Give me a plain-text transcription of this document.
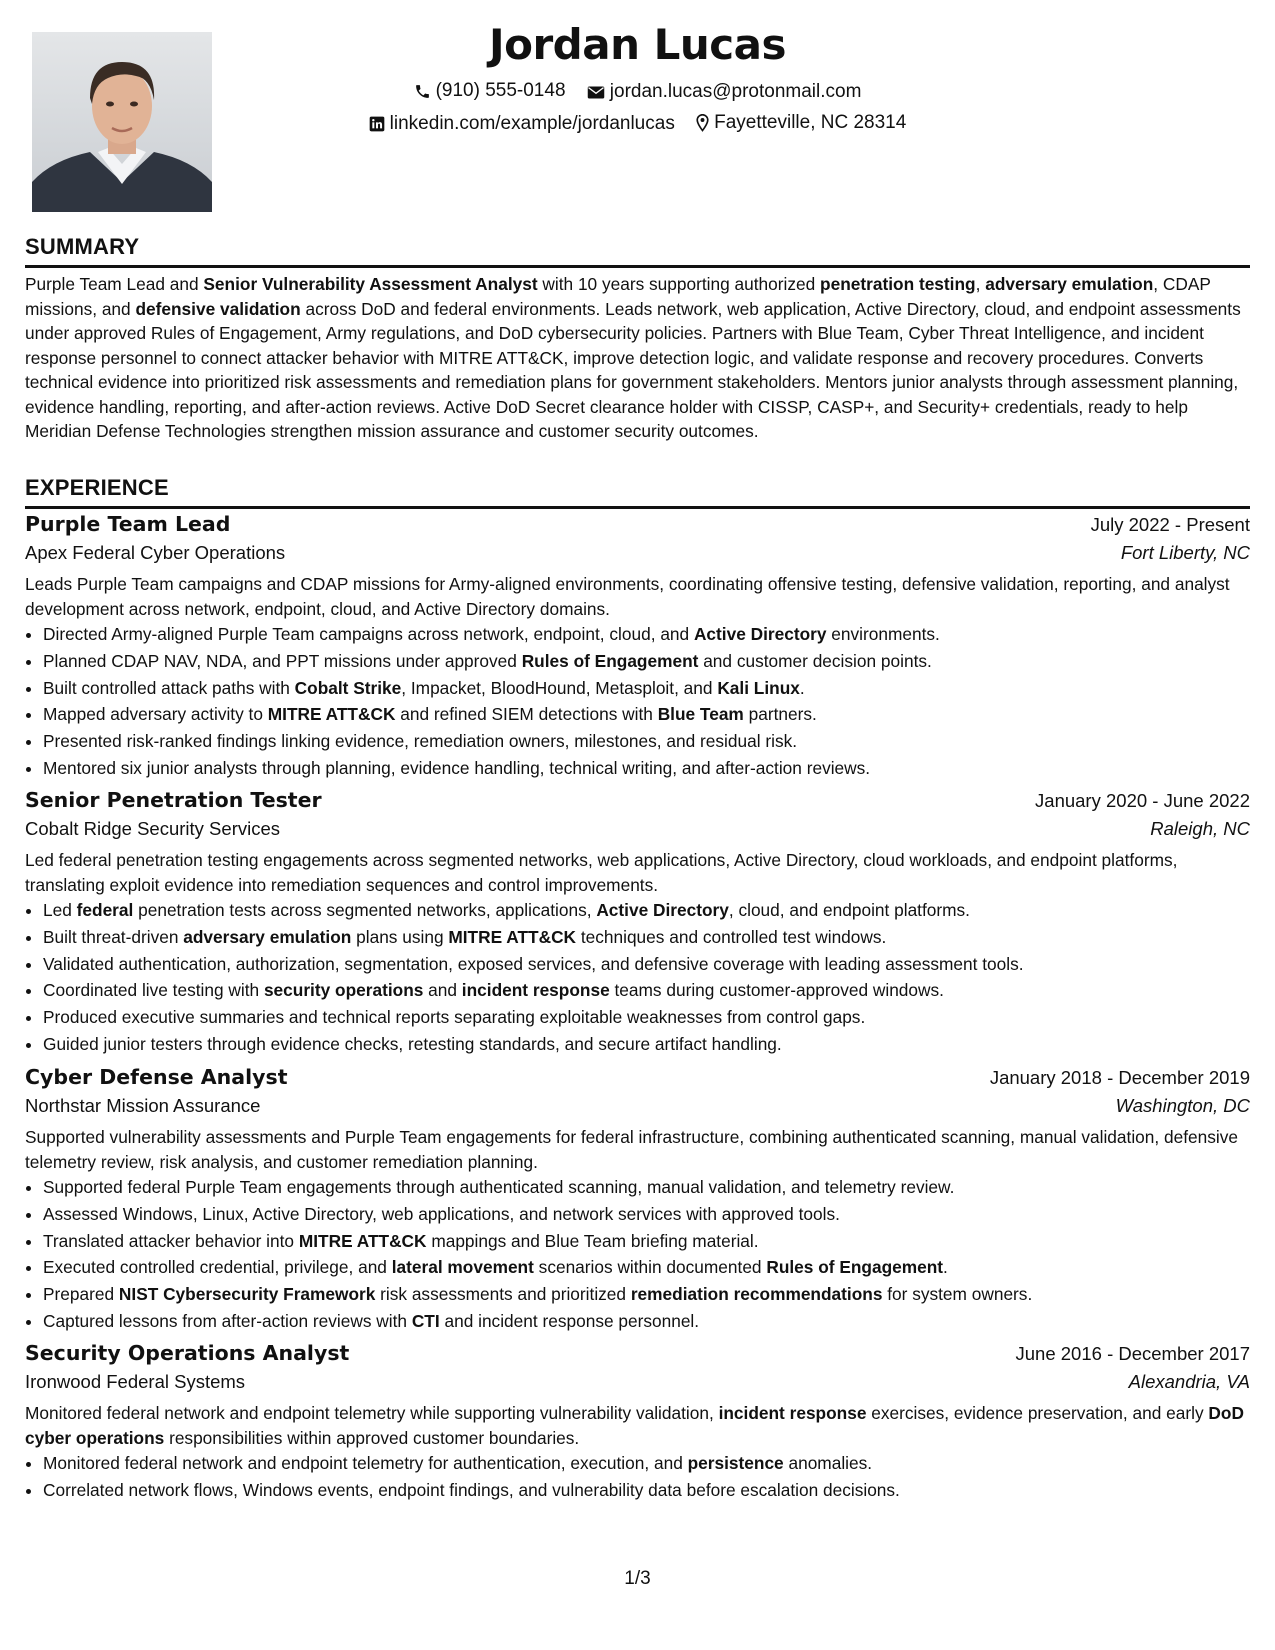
Jordan Lucas
(910) 555-0148
jordan.lucas@protonmail.com
linkedin.com/example/jordanlucas
Fayetteville, NC 28314
SUMMARY
Purple Team Lead and Senior Vulnerability Assessment Analyst with 10 years supporting authorized penetration testing, adversary emulation, CDAP missions, and defensive validation across DoD and federal environments. Leads network, web application, Active Directory, cloud, and endpoint assessments under approved Rules of Engagement, Army regulations, and DoD cybersecurity policies. Partners with Blue Team, Cyber Threat Intelligence, and incident response personnel to connect attacker behavior with MITRE ATT&CK, improve detection logic, and validate response and recovery procedures. Converts technical evidence into prioritized risk assessments and remediation plans for government stakeholders. Mentors junior analysts through assessment planning, evidence handling, reporting, and after-action reviews. Active DoD Secret clearance holder with CISSP, CASP+, and Security+ credentials, ready to help Meridian Defense Technologies strengthen mission assurance and customer security outcomes.
EXPERIENCE
Purple Team Lead	July 2022 - Present
Apex Federal Cyber Operations	Fort Liberty, NC
Leads Purple Team campaigns and CDAP missions for Army-aligned environments, coordinating offensive testing, defensive validation, reporting, and analyst development across network, endpoint, cloud, and Active Directory domains.
• Directed Army-aligned Purple Team campaigns across network, endpoint, cloud, and Active Directory environments.
• Planned CDAP NAV, NDA, and PPT missions under approved Rules of Engagement and customer decision points.
• Built controlled attack paths with Cobalt Strike, Impacket, BloodHound, Metasploit, and Kali Linux.
• Mapped adversary activity to MITRE ATT&CK and refined SIEM detections with Blue Team partners.
• Presented risk-ranked findings linking evidence, remediation owners, milestones, and residual risk.
• Mentored six junior analysts through planning, evidence handling, technical writing, and after-action reviews.
Senior Penetration Tester	January 2020 - June 2022
Cobalt Ridge Security Services	Raleigh, NC
Led federal penetration testing engagements across segmented networks, web applications, Active Directory, cloud workloads, and endpoint platforms, translating exploit evidence into remediation sequences and control improvements.
• Led federal penetration tests across segmented networks, applications, Active Directory, cloud, and endpoint platforms.
• Built threat-driven adversary emulation plans using MITRE ATT&CK techniques and controlled test windows.
• Validated authentication, authorization, segmentation, exposed services, and defensive coverage with leading assessment tools.
• Coordinated live testing with security operations and incident response teams during customer-approved windows.
• Produced executive summaries and technical reports separating exploitable weaknesses from control gaps.
• Guided junior testers through evidence checks, retesting standards, and secure artifact handling.
Cyber Defense Analyst	January 2018 - December 2019
Northstar Mission Assurance	Washington, DC
Supported vulnerability assessments and Purple Team engagements for federal infrastructure, combining authenticated scanning, manual validation, defensive telemetry review, risk analysis, and customer remediation planning.
• Supported federal Purple Team engagements through authenticated scanning, manual validation, and telemetry review.
• Assessed Windows, Linux, Active Directory, web applications, and network services with approved tools.
• Translated attacker behavior into MITRE ATT&CK mappings and Blue Team briefing material.
• Executed controlled credential, privilege, and lateral movement scenarios within documented Rules of Engagement.
• Prepared NIST Cybersecurity Framework risk assessments and prioritized remediation recommendations for system owners.
• Captured lessons from after-action reviews with CTI and incident response personnel.
Security Operations Analyst	June 2016 - December 2017
Ironwood Federal Systems	Alexandria, VA
Monitored federal network and endpoint telemetry while supporting vulnerability validation, incident response exercises, evidence preservation, and early DoD cyber operations responsibilities within approved customer boundaries.
• Monitored federal network and endpoint telemetry for authentication, execution, and persistence anomalies.
• Correlated network flows, Windows events, endpoint findings, and vulnerability data before escalation decisions.
1/3
